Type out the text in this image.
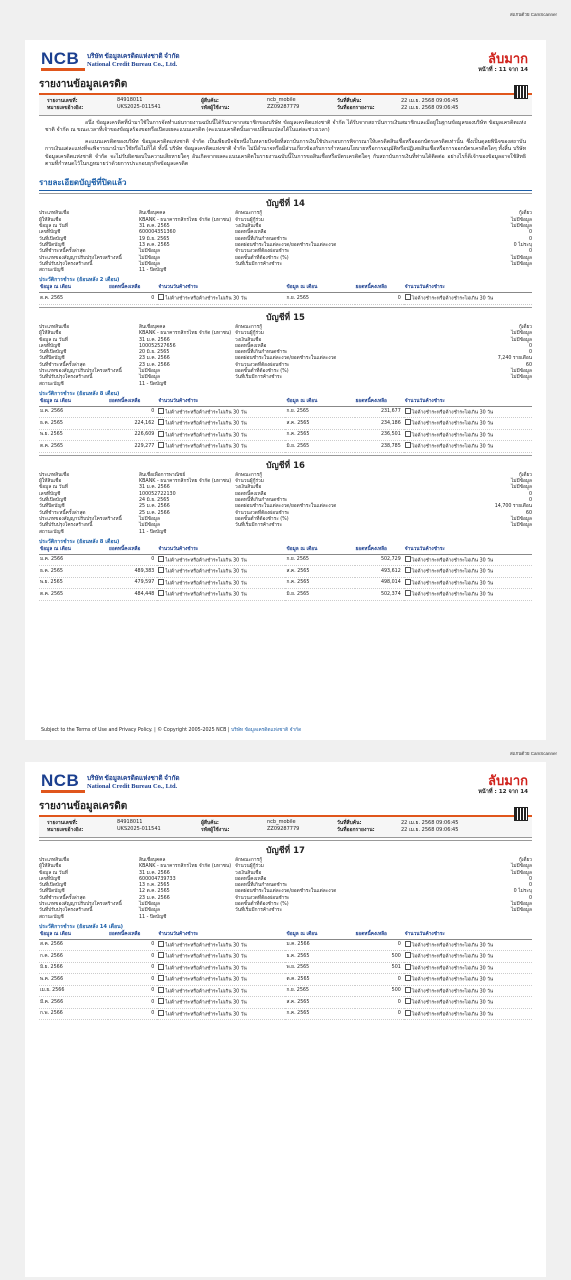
สแกนด้วย CamScanner
NCB	บริษัท ข้อมูลเครดิตแห่งชาติ จำกัด
National Credit Bureau Co., Ltd.	ลับมาก
หน้าที่ : 11 จาก 14
รายงานข้อมูลเครดิต
รายงานเลขที่:	84918011
หมายเลขอ้างอิง:	UKS2025-011541
ผู้สืบค้น:	ncb_mobile
รหัสผู้ใช้งาน:	ZZ09287779
วันที่สืบค้น:	22 เม.ย. 2568 09:06:45
วันที่ออกรายงาน:	22 เม.ย. 2568 09:06:45
อนึ่ง ข้อมูลเครดิตที่นำมาใช้ในการจัดทำแผ่นรายงานฉบับนี้ได้รับมาจากสมาชิกของบริษัท ข้อมูลเครดิตแห่งชาติ จำกัด ได้รับจากสถาบันการเงินสมาชิกและมีอยู่ในฐานข้อมูลของบริษัท ข้อมูลเครดิตแห่งชาติ จำกัด ณ ขณะเวลาที่เจ้าของข้อมูลร้องขอหรือเปิดเผยคะแนนเครดิต (คะแนนเครดิตนั้นอาจเปลี่ยนแปลงได้ในแต่ละช่วงเวลา)
คะแนนเครดิตของบริษัท ข้อมูลเครดิตแห่งชาติ จำกัด เป็นเพียงปัจจัยหนึ่งในหลายปัจจัยที่สถาบันการเงินใช้ประกอบการพิจารณาให้เครดิตสินเชื่อหรือออกบัตรเครดิตเท่านั้น ซึ่งเป็นดุลยพินิจของสถาบันการเงินแต่ละแห่งที่จะพิจารณานำมาใช้หรือไม่ก็ได้ ทั้งนี้ บริษัท ข้อมูลเครดิตแห่งชาติ จำกัด ไม่มีอำนาจหรือมีส่วนเกี่ยวข้องกับการกำหนดนโยบายหรือการอนุมัติหรือปฏิเสธสินเชื่อหรือการออกบัตรเครดิตใดๆ ทั้งสิ้น บริษัท ข้อมูลเครดิตแห่งชาติ จำกัด จะไม่รับผิดชอบในความเสียหายใดๆ อันเกิดจากผลคะแนนเครดิตในรายงานฉบับนี้ในการขอสินเชื่อหรือบัตรเครดิตใดๆ กับสถาบันการเงินที่ท่านได้ติดต่อ อย่างไรก็ดีเจ้าของข้อมูลอาจใช้สิทธิตามที่กำหนดไว้ในกฎหมายว่าด้วยการประกอบธุรกิจข้อมูลเครดิต
รายละเอียดบัญชีที่ปิดแล้ว
บัญชีที่ 14
ประเภทสินเชื่อ	สินเชื่อบุคคล	ลักษณะการกู้	กู้เดี่ยว
ผู้ให้สินเชื่อ	KBANK - ธนาคารกสิกรไทย จำกัด (มหาชน) จำนวนผู้กู้ร่วม	ไม่มีข้อมูล
ข้อมูล ณ วันที่	31 ต.ค. 2565	วงเงินสินเชื่อ	ไม่มีข้อมูล
เลขที่บัญชี	600004351360	ยอดหนี้คงเหลือ	0
วันที่เปิดบัญชี	19 มิ.ย. 2565	ยอดหนี้ที่เกินกำหนดชำระ	0
วันที่ปิดบัญชี	13 ต.ค. 2565	ยอดผ่อนชำระในแต่ละงวด/ยอดชำระในแต่ละงวด	0 ไม่ระบุ
วันที่ชำระหนี้ครั้งล่าสุด	ไม่มีข้อมูล	จำนวนงวดที่ต้องผ่อนชำระ	0
ประเภทของสัญญาปรับปรุงโครงสร้างหนี้	ไม่มีข้อมูล	ยอดขั้นต่ำที่ต้องชำระ (%)	ไม่มีข้อมูล
วันที่ปรับปรุงโครงสร้างหนี้	ไม่มีข้อมูล	วันที่เริ่มมีการค้างชำระ	ไม่มีข้อมูล
สถานะบัญชี	11 - ปิดบัญชี
ประวัติการชำระ (ย้อนหลัง 2 เดือน)
ข้อมูล ณ เดือน	ยอดหนี้คงเหลือ	จำนวนวันค้างชำระ	ข้อมูล ณ เดือน	ยอดหนี้คงเหลือ	จำนวนวันค้างชำระ
ต.ค. 2565	0	ไม่ค้างชำระหรือค้างชำระไม่เกิน 30 วัน	ก.ย. 2565	0	ไม่ค้างชำระหรือค้างชำระไม่เกิน 30 วัน
บัญชีที่ 15
ประเภทสินเชื่อ	สินเชื่อบุคคล	ลักษณะการกู้	กู้เดี่ยว
ผู้ให้สินเชื่อ	KBANK - ธนาคารกสิกรไทย จำกัด (มหาชน) จำนวนผู้กู้ร่วม	ไม่มีข้อมูล
ข้อมูล ณ วันที่	31 ม.ค. 2566	วงเงินสินเชื่อ	ไม่มีข้อมูล
เลขที่บัญชี	100052527656	ยอดหนี้คงเหลือ	0
วันที่เปิดบัญชี	20 มิ.ย. 2565	ยอดหนี้ที่เกินกำหนดชำระ	0
วันที่ปิดบัญชี	23 ม.ค. 2566	ยอดผ่อนชำระในแต่ละงวด/ยอดชำระในแต่ละงวด	7,240 รายเดือน
วันที่ชำระหนี้ครั้งล่าสุด	23 ม.ค. 2566	จำนวนงวดที่ต้องผ่อนชำระ	60
ประเภทของสัญญาปรับปรุงโครงสร้างหนี้	ไม่มีข้อมูล	ยอดขั้นต่ำที่ต้องชำระ (%)	ไม่มีข้อมูล
วันที่ปรับปรุงโครงสร้างหนี้	ไม่มีข้อมูล	วันที่เริ่มมีการค้างชำระ	ไม่มีข้อมูล
สถานะบัญชี	11 - ปิดบัญชี
ประวัติการชำระ (ย้อนหลัง 8 เดือน)
ข้อมูล ณ เดือน	ยอดหนี้คงเหลือ	จำนวนวันค้างชำระ	ข้อมูล ณ เดือน	ยอดหนี้คงเหลือ	จำนวนวันค้างชำระ
ม.ค. 2566	0	ไม่ค้างชำระหรือค้างชำระไม่เกิน 30 วัน	ก.ย. 2565	231,677	ไม่ค้างชำระหรือค้างชำระไม่เกิน 30 วัน
ธ.ค. 2565	224,162	ไม่ค้างชำระหรือค้างชำระไม่เกิน 30 วัน	ส.ค. 2565	234,186	ไม่ค้างชำระหรือค้างชำระไม่เกิน 30 วัน
พ.ย. 2565	226,609	ไม่ค้างชำระหรือค้างชำระไม่เกิน 30 วัน	ก.ค. 2565	236,501	ไม่ค้างชำระหรือค้างชำระไม่เกิน 30 วัน
ต.ค. 2565	229,277	ไม่ค้างชำระหรือค้างชำระไม่เกิน 30 วัน	มิ.ย. 2565	238,785	ไม่ค้างชำระหรือค้างชำระไม่เกิน 30 วัน
บัญชีที่ 16
ประเภทสินเชื่อ	สินเชื่อเพื่อการพาณิชย์	ลักษณะการกู้	กู้เดี่ยว
ผู้ให้สินเชื่อ	KBANK - ธนาคารกสิกรไทย จำกัด (มหาชน) จำนวนผู้กู้ร่วม	ไม่มีข้อมูล
ข้อมูล ณ วันที่	31 ม.ค. 2566	วงเงินสินเชื่อ	ไม่มีข้อมูล
เลขที่บัญชี	100052722130	ยอดหนี้คงเหลือ	0
วันที่เปิดบัญชี	24 มิ.ย. 2565	ยอดหนี้ที่เกินกำหนดชำระ	0
วันที่ปิดบัญชี	25 ม.ค. 2566	ยอดผ่อนชำระในแต่ละงวด/ยอดชำระในแต่ละงวด	14,700 รายเดือน
วันที่ชำระหนี้ครั้งล่าสุด	25 ม.ค. 2566	จำนวนงวดที่ต้องผ่อนชำระ	60
ประเภทของสัญญาปรับปรุงโครงสร้างหนี้	ไม่มีข้อมูล	ยอดขั้นต่ำที่ต้องชำระ (%)	ไม่มีข้อมูล
วันที่ปรับปรุงโครงสร้างหนี้	ไม่มีข้อมูล	วันที่เริ่มมีการค้างชำระ	ไม่มีข้อมูล
สถานะบัญชี	11 - ปิดบัญชี
ประวัติการชำระ (ย้อนหลัง 8 เดือน)
ข้อมูล ณ เดือน	ยอดหนี้คงเหลือ	จำนวนวันค้างชำระ	ข้อมูล ณ เดือน	ยอดหนี้คงเหลือ	จำนวนวันค้างชำระ
ม.ค. 2566	0	ไม่ค้างชำระหรือค้างชำระไม่เกิน 30 วัน	ก.ย. 2565	502,729	ไม่ค้างชำระหรือค้างชำระไม่เกิน 30 วัน
ธ.ค. 2565	489,383	ไม่ค้างชำระหรือค้างชำระไม่เกิน 30 วัน	ส.ค. 2565	493,612	ไม่ค้างชำระหรือค้างชำระไม่เกิน 30 วัน
พ.ย. 2565	479,597	ไม่ค้างชำระหรือค้างชำระไม่เกิน 30 วัน	ก.ค. 2565	498,014	ไม่ค้างชำระหรือค้างชำระไม่เกิน 30 วัน
ต.ค. 2565	484,448	ไม่ค้างชำระหรือค้างชำระไม่เกิน 30 วัน	มิ.ย. 2565	502,374	ไม่ค้างชำระหรือค้างชำระไม่เกิน 30 วัน
Subject to the Terms of Use and Privacy Policy. | © Copyright 2005-2025 NCB | บริษัท ข้อมูลเครดิตแห่งชาติ จำกัด
สแกนด้วย CamScanner
NCB	บริษัท ข้อมูลเครดิตแห่งชาติ จำกัด
National Credit Bureau Co., Ltd.	ลับมาก
หน้าที่ : 12 จาก 14
รายงานข้อมูลเครดิต
รายงานเลขที่:	84918011
หมายเลขอ้างอิง:	UKS2025-011541
ผู้สืบค้น:	ncb_mobile
รหัสผู้ใช้งาน:	ZZ09287779
วันที่สืบค้น:	22 เม.ย. 2568 09:06:45
วันที่ออกรายงาน:	22 เม.ย. 2568 09:06:45
บัญชีที่ 17
ประเภทสินเชื่อ	สินเชื่อบุคคล	ลักษณะการกู้	กู้เดี่ยว
ผู้ให้สินเชื่อ	KBANK - ธนาคารกสิกรไทย จำกัด (มหาชน) จำนวนผู้กู้ร่วม	ไม่มีข้อมูล
ข้อมูล ณ วันที่	31 ม.ค. 2566	วงเงินสินเชื่อ	ไม่มีข้อมูล
เลขที่บัญชี	600004739733	ยอดหนี้คงเหลือ	0
วันที่เปิดบัญชี	13 ก.ค. 2565	ยอดหนี้ที่เกินกำหนดชำระ	0
วันที่ปิดบัญชี	12 ต.ค. 2565	ยอดผ่อนชำระในแต่ละงวด/ยอดชำระในแต่ละงวด	0 ไม่ระบุ
วันที่ชำระหนี้ครั้งล่าสุด	23 ม.ค. 2566	จำนวนงวดที่ต้องผ่อนชำระ	0
ประเภทของสัญญาปรับปรุงโครงสร้างหนี้	ไม่มีข้อมูล	ยอดขั้นต่ำที่ต้องชำระ (%)	ไม่มีข้อมูล
วันที่ปรับปรุงโครงสร้างหนี้	ไม่มีข้อมูล	วันที่เริ่มมีการค้างชำระ	ไม่มีข้อมูล
สถานะบัญชี	11 - ปิดบัญชี
ประวัติการชำระ (ย้อนหลัง 14 เดือน)
ข้อมูล ณ เดือน	ยอดหนี้คงเหลือ	จำนวนวันค้างชำระ	ข้อมูล ณ เดือน	ยอดหนี้คงเหลือ	จำนวนวันค้างชำระ
ส.ค. 2566	0	ไม่ค้างชำระหรือค้างชำระไม่เกิน 30 วัน	ม.ค. 2566	0	ไม่ค้างชำระหรือค้างชำระไม่เกิน 30 วัน
ก.ค. 2566	0	ไม่ค้างชำระหรือค้างชำระไม่เกิน 30 วัน	ธ.ค. 2565	500	ไม่ค้างชำระหรือค้างชำระไม่เกิน 30 วัน
มิ.ย. 2566	0	ไม่ค้างชำระหรือค้างชำระไม่เกิน 30 วัน	พ.ย. 2565	501	ไม่ค้างชำระหรือค้างชำระไม่เกิน 30 วัน
พ.ค. 2566	0	ไม่ค้างชำระหรือค้างชำระไม่เกิน 30 วัน	ต.ค. 2565	0	ไม่ค้างชำระหรือค้างชำระไม่เกิน 30 วัน
เม.ย. 2566	0	ไม่ค้างชำระหรือค้างชำระไม่เกิน 30 วัน	ก.ย. 2565	500	ไม่ค้างชำระหรือค้างชำระไม่เกิน 30 วัน
มี.ค. 2566	0	ไม่ค้างชำระหรือค้างชำระไม่เกิน 30 วัน	ส.ค. 2565	0	ไม่ค้างชำระหรือค้างชำระไม่เกิน 30 วัน
ก.พ. 2566	0	ไม่ค้างชำระหรือค้างชำระไม่เกิน 30 วัน	ก.ค. 2565	0	ไม่ค้างชำระหรือค้างชำระไม่เกิน 30 วัน
